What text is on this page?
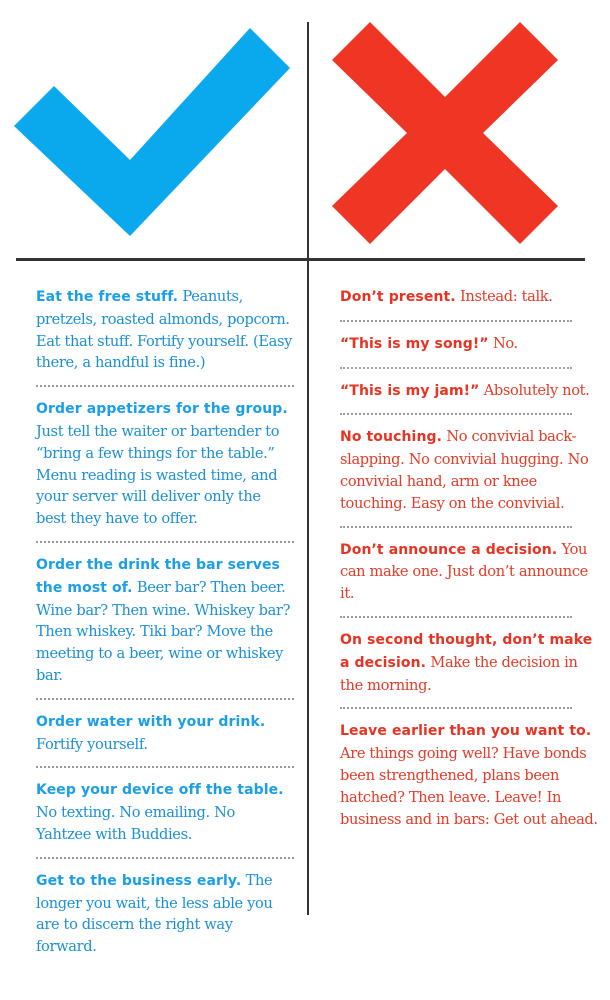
Eat the free stuff. Peanuts, pretzels, roasted almonds, popcorn. Eat that stuff. Fortify yourself. (Easy there, a handful is fine.)
Order appetizers for the group. Just tell the waiter or bartender to “bring a few things for the table.” Menu reading is wasted time, and your server will deliver only the best they have to offer.
Order the drink the bar serves the most of. Beer bar? Then beer. Wine bar? Then wine. Whiskey bar? Then whiskey. Tiki bar? Move the meeting to a beer, wine or whiskey bar.
Order water with your drink. Fortify yourself.
Keep your device off the table. No texting. No emailing. No Yahtzee with Buddies.
Get to the business early. The longer you wait, the less able you are to discern the right way forward.
Don’t present. Instead: talk.
“This is my song!” No.
“This is my jam!” Absolutely not.
No touching. No convivial back-slapping. No convivial hugging. No convivial hand, arm or knee touching. Easy on the convivial.
Don’t announce a decision. You can make one. Just don’t announce it.
On second thought, don’t make a decision. Make the decision in the morning.
Leave earlier than you want to. Are things going well? Have bonds been strengthened, plans been hatched? Then leave. Leave! In business and in bars: Get out ahead.
